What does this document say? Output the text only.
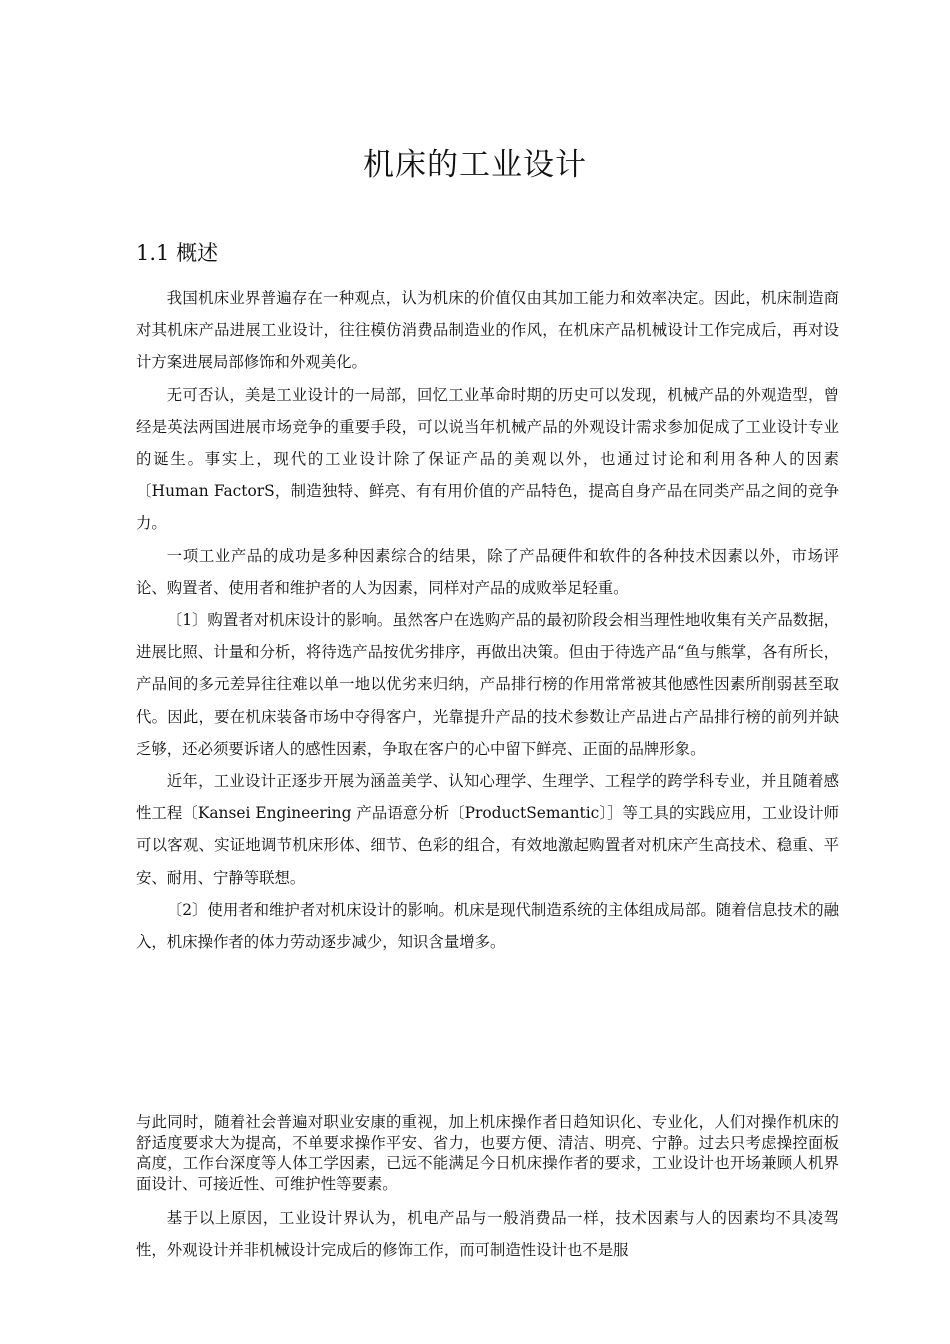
机床的工业设计
1.1 概述

我国机床业界普遍存在一种观点，认为机床的价值仅由其加工能力和效率决定。因此，机床制造商对其机床产品进展工业设计，往往模仿消费品制造业的作风，在机床产品机械设计工作完成后，再对设计方案进展局部修饰和外观美化。

无可否认，美是工业设计的一局部，回忆工业革命时期的历史可以发现，机械产品的外观造型，曾经是英法两国进展市场竞争的重要手段，可以说当年机械产品的外观设计需求参加促成了工业设计专业的诞生。事实上，现代的工业设计除了保证产品的美观以外，也通过讨论和利用各种人的因素〔Human FactorS，制造独特、鲜亮、有有用价值的产品特色，提高自身产品在同类产品之间的竞争力。

一项工业产品的成功是多种因素综合的结果，除了产品硬件和软件的各种技术因素以外，市场评论、购置者、使用者和维护者的人为因素，同样对产品的成败举足轻重。

〔1〕购置者对机床设计的影响。虽然客户在选购产品的最初阶段会相当理性地收集有关产品数据，进展比照、计量和分析，将待选产品按优劣排序，再做出决策。但由于待选产品“鱼与熊掌，各有所长，产品间的多元差异往往难以单一地以优劣来归纳，产品排行榜的作用常常被其他感性因素所削弱甚至取代。因此，要在机床装备市场中夺得客户，光靠提升产品的技术参数让产品进占产品排行榜的前列并缺乏够，还必须要诉诸人的感性因素，争取在客户的心中留下鲜亮、正面的品牌形象。

近年，工业设计正逐步开展为涵盖美学、认知心理学、生理学、工程学的跨学科专业，并且随着感性工程〔Kansei Engineering 产品语意分析〔ProductSemantic〕］等工具的实践应用，工业设计师可以客观、实证地调节机床形体、细节、色彩的组合，有效地激起购置者对机床产生高技术、稳重、平安、耐用、宁静等联想。

〔2〕使用者和维护者对机床设计的影响。机床是现代制造系统的主体组成局部。随着信息技术的融入，机床操作者的体力劳动逐步减少，知识含量增多。

与此同时，随着社会普遍对职业安康的重视，加上机床操作者日趋知识化、专业化，人们对操作机床的舒适度要求大为提高，不单要求操作平安、省力，也要方便、清洁、明亮、宁静。过去只考虑操控面板高度，工作台深度等人体工学因素，已远不能满足今日机床操作者的要求，工业设计也开场兼顾人机界面设计、可接近性、可维护性等要素。

基于以上原因，工业设计界认为，机电产品与一般消费品一样，技术因素与人的因素均不具凌驾性，外观设计并非机械设计完成后的修饰工作，而可制造性设计也不是服
